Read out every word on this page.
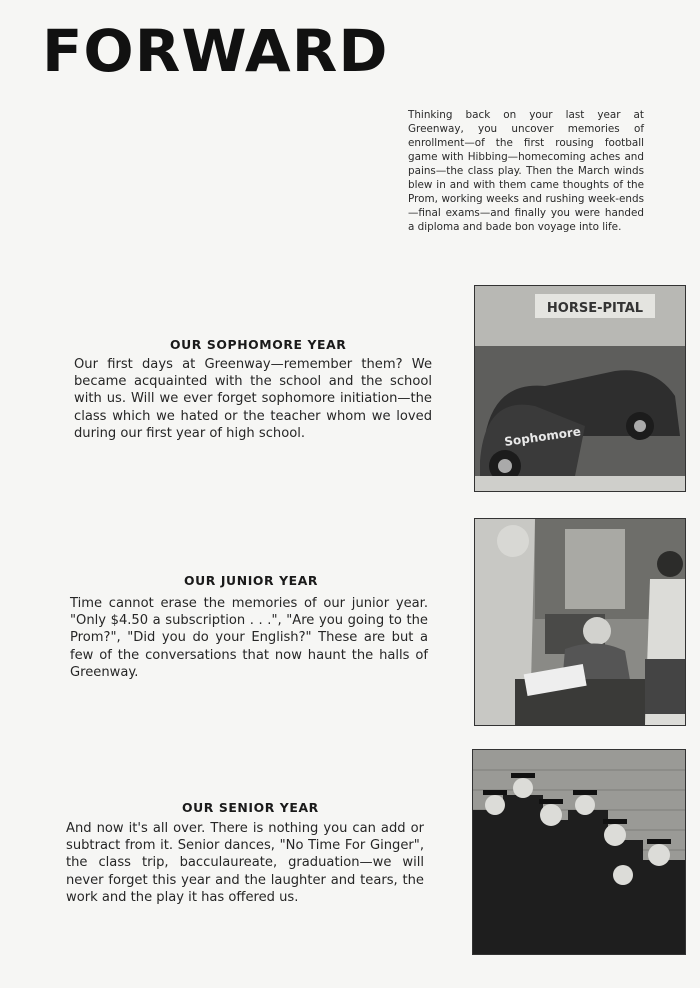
FORWARD

Thinking back on your last year at Greenway, you uncover memories of enrollment—of the first rousing football game with Hibbing—homecoming aches and pains—the class play. Then the March winds blew in and with them came thoughts of the Prom, working weeks and rushing week-ends—final exams—and finally you were handed a diploma and bade bon voyage into life.

OUR SOPHOMORE YEAR

Our first days at Greenway—remember them? We became acquainted with the school and the school with us. Will we ever forget sophomore initiation—the class which we hated or the teacher whom we loved during our first year of high school.

HORSE-PITAL
Sophomore
OUR JUNIOR YEAR

Time cannot erase the memories of our junior year. "Only $4.50 a subscription . . .", "Are you going to the Prom?", "Did you do your English?" These are but a few of the conversations that now haunt the halls of Greenway.

OUR SENIOR YEAR

And now it's all over. There is nothing you can add or subtract from it. Senior dances, "No Time For Ginger", the class trip, bacculaureate, graduation—we will never forget this year and the laughter and tears, the work and the play it has offered us.
